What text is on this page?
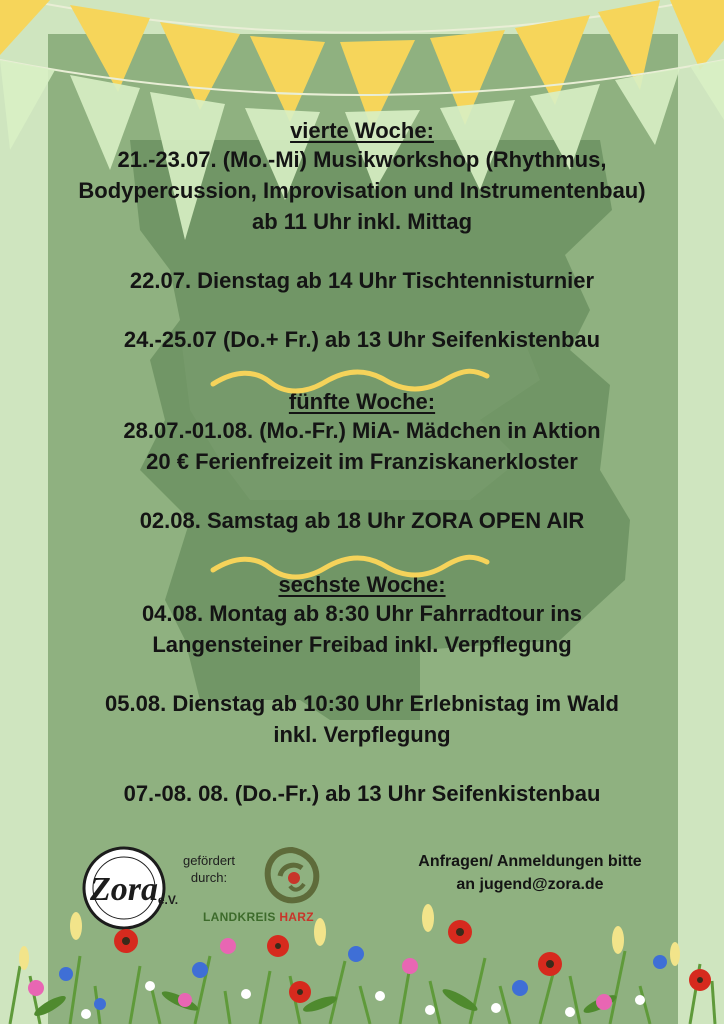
vierte Woche:

21.-23.07. (Mo.-Mi) Musikworkshop (Rhythmus,

Bodypercussion, Improvisation und Instrumentenbau)

ab 11 Uhr inkl. Mittag

22.07. Dienstag ab 14 Uhr Tischtennisturnier

24.-25.07 (Do.+ Fr.) ab 13 Uhr Seifenkistenbau

fünfte Woche:

28.07.-01.08. (Mo.-Fr.) MiA- Mädchen in Aktion

20 € Ferienfreizeit im Franziskanerkloster

02.08. Samstag ab 18 Uhr ZORA OPEN AIR

sechste Woche:

04.08. Montag ab 8:30 Uhr Fahrradtour ins

Langensteiner Freibad inkl. Verpflegung

05.08. Dienstag ab 10:30 Uhr Erlebnistag im Wald

inkl. Verpflegung

07.-08. 08. (Do.-Fr.) ab 13 Uhr Seifenkistenbau

Zora e.V.
gefördert
durch:
LANDKREIS HARZ
Anfragen/ Anmeldungen bitte
an jugend@zora.de
